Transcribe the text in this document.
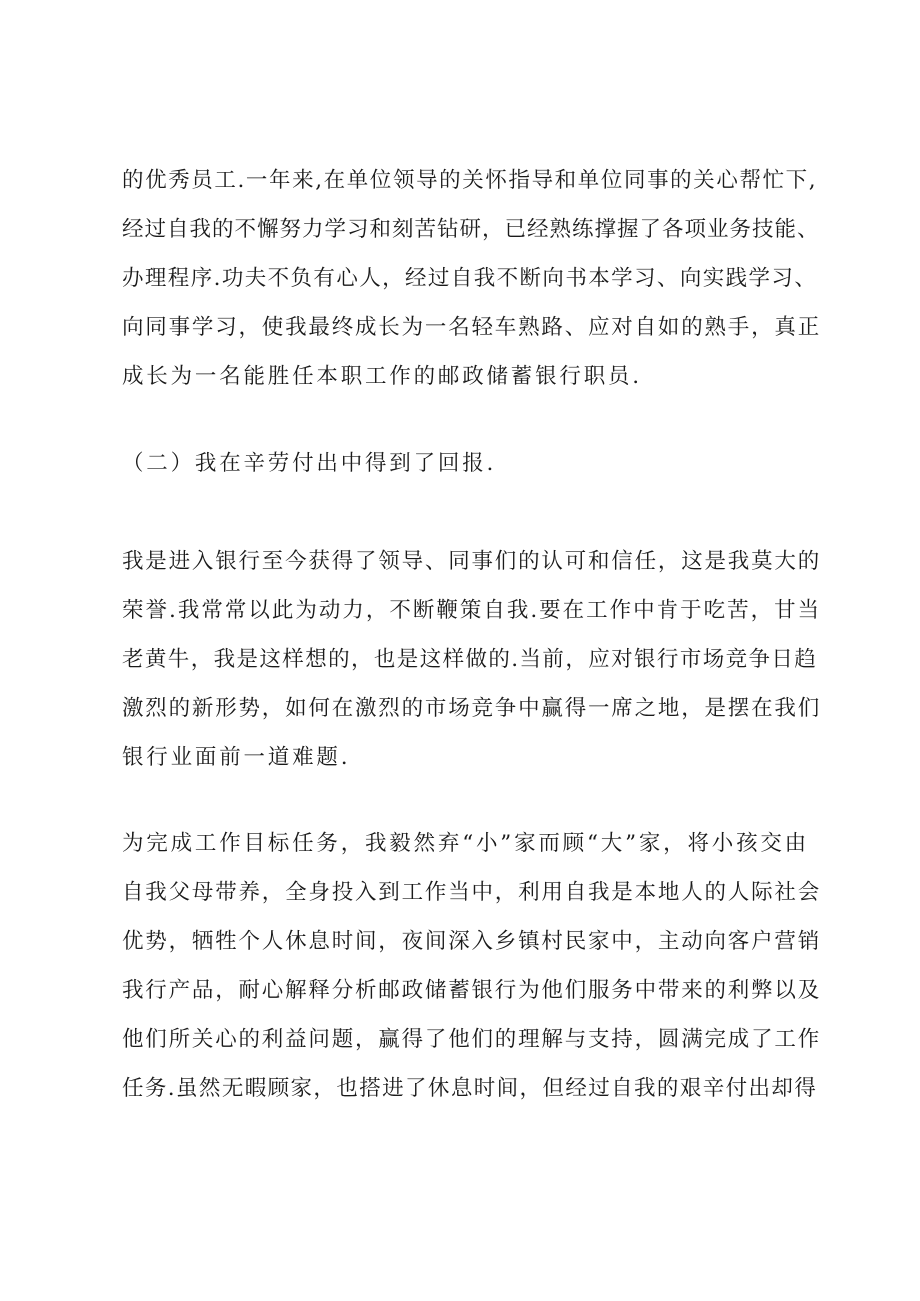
的优秀员工.一年来,在单位领导的关怀指导和单位同事的关心帮忙下,
经过自我的不懈努力学习和刻苦钻研，已经熟练撑握了各项业务技能、
办理程序.功夫不负有心人，经过自我不断向书本学习、向实践学习、
向同事学习，使我最终成长为一名轻车熟路、应对自如的熟手，真正
成长为一名能胜任本职工作的邮政储蓄银行职员.
（二）我在辛劳付出中得到了回报.
我是进入银行至今获得了领导、同事们的认可和信任，这是我莫大的
荣誉.我常常以此为动力，不断鞭策自我.要在工作中肯于吃苦，甘当
老黄牛，我是这样想的，也是这样做的.当前，应对银行市场竞争日趋
激烈的新形势，如何在激烈的市场竞争中赢得一席之地，是摆在我们
银行业面前一道难题.
为完成工作目标任务，我毅然弃“小”家而顾“大”家，将小孩交由
自我父母带养，全身投入到工作当中，利用自我是本地人的人际社会
优势，牺牲个人休息时间，夜间深入乡镇村民家中，主动向客户营销
我行产品，耐心解释分析邮政储蓄银行为他们服务中带来的利弊以及
他们所关心的利益问题，赢得了他们的理解与支持，圆满完成了工作
任务.虽然无暇顾家，也搭进了休息时间，但经过自我的艰辛付出却得
